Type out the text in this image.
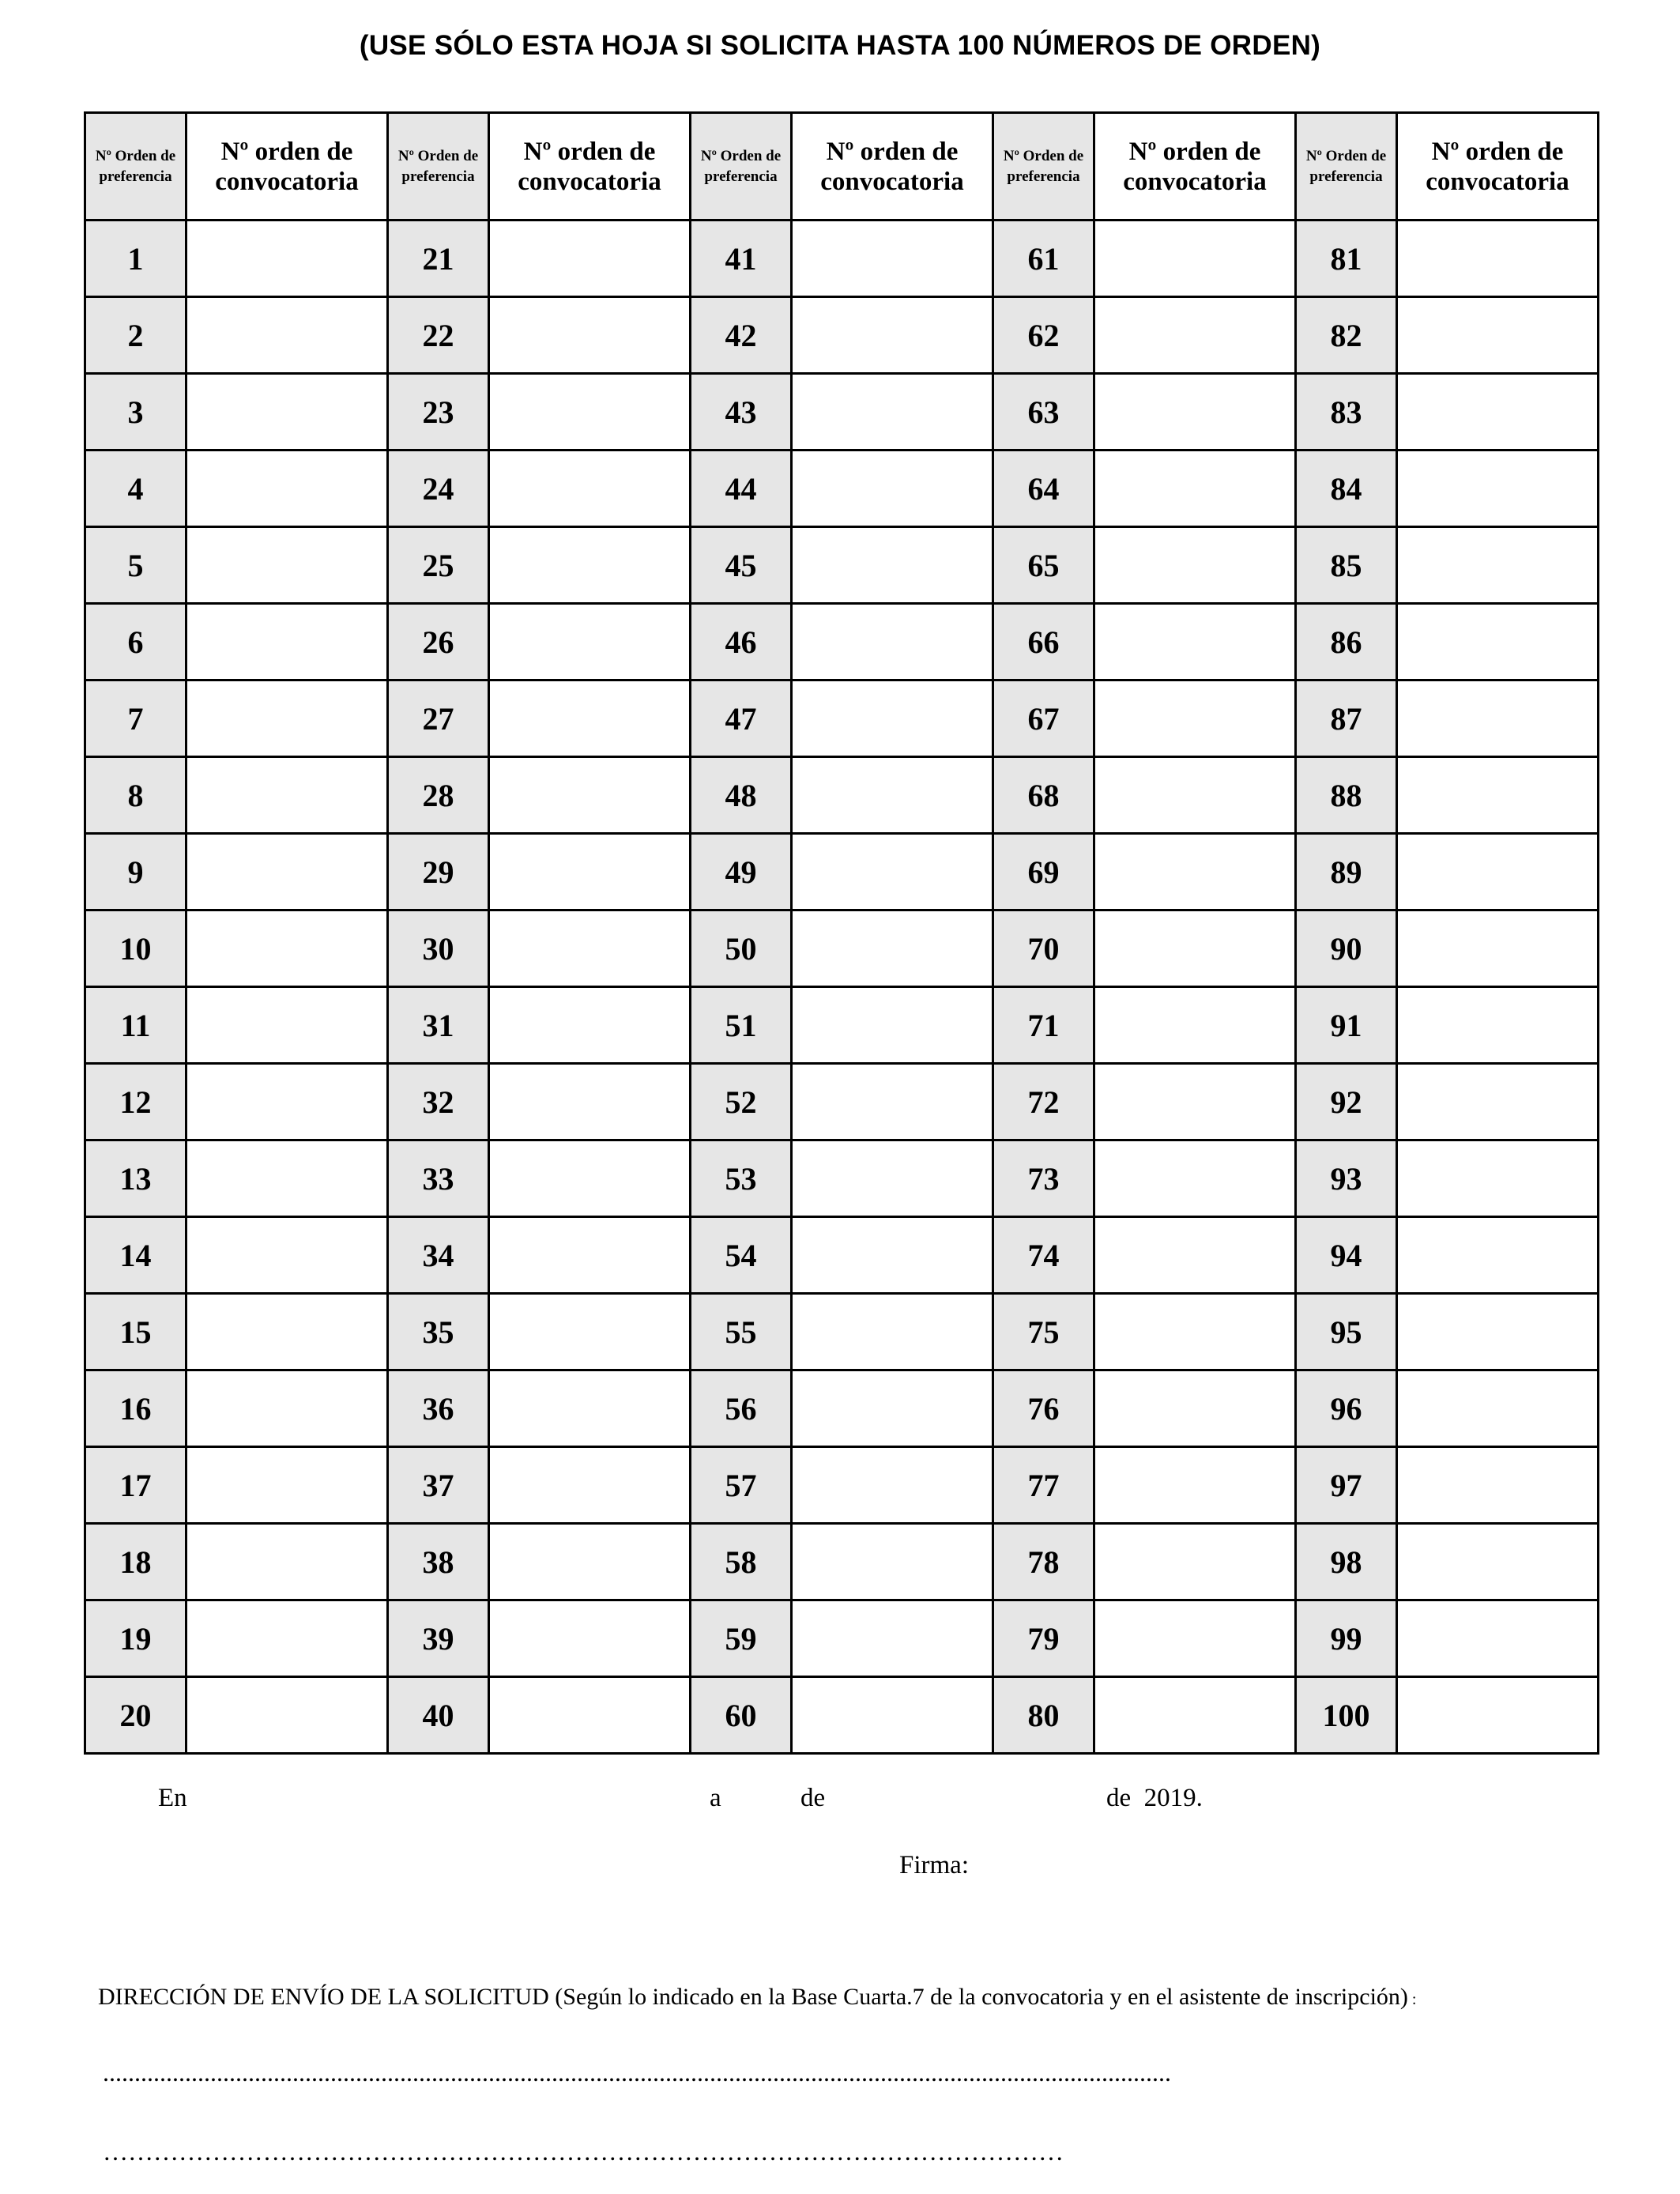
(USE SÓLO ESTA HOJA SI SOLICITA HASTA 100 NÚMEROS DE ORDEN)
Nº Orden de preferencia	Nº orden de convocatoria	Nº Orden de preferencia	Nº orden de convocatoria	Nº Orden de preferencia	Nº orden de convocatoria	Nº Orden de preferencia	Nº orden de convocatoria	Nº Orden de preferencia	Nº orden de convocatoria
1		21		41		61		81	
2		22		42		62		82	
3		23		43		63		83	
4		24		44		64		84	
5		25		45		65		85	
6		26		46		66		86	
7		27		47		67		87	
8		28		48		68		88	
9		29		49		69		89	
10		30		50		70		90	
11		31		51		71		91	
12		32		52		72		92	
13		33		53		73		93	
14		34		54		74		94	
15		35		55		75		95	
16		36		56		76		96	
17		37		57		77		97	
18		38		58		78		98	
19		39		59		79		99	
20		40		60		80		100	
En	a	de	de  2019.
Firma:
DIRECCIÓN DE ENVÍO DE LA SOLICITUD (Según lo indicado en la Base Cuarta.7 de la convocatoria y en el asistente de inscripción) :
.........................................................................................................................................................................
……………………………………………………………………………………………………
